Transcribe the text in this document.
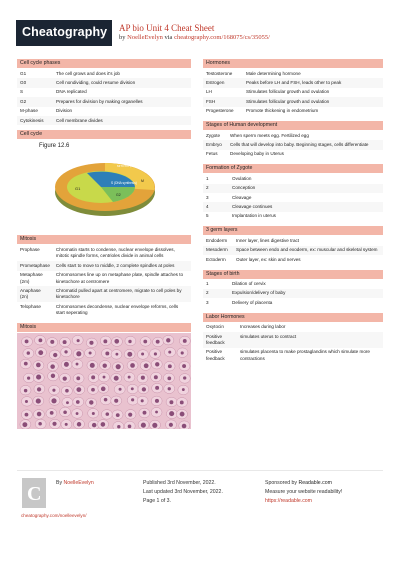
Cheatography AP bio Unit 4 Cheat Sheet
by NoelleEvelyn via cheatography.com/168075/cs/35055/
Cell cycle phases
G1	The cell grows and does it's job
G0	Cell nondividing, could resume division
S	DNA replicated
G2	Prepares for division by making organelles
M-phase	Division
Cytokinesis	Cell membrane divides
Cell cycle
Figure 12.6
G1
S (DNA synthesis)
G2
MITOTIC (M) PHASE
M
Mitosis
Prophase	Chromatin starts to condense, nuclear envelope dissolves, mitotic spindle forms, centrioles divide in animal cells
Prometaphase	Cells start to move to middle, 2 complete spindles at poles
Metaphase (2m)	Chromosomes line up on metaphase plate, spindle attaches to kinetochore at centromere
Anaphase (2n)	Chromatid pulled apart at centromere, migrate to cell poles by kinetochore
Telophase	Chromosomes decondense, nuclear envelope reforms, cells start seperating
Mitosis
Hormones
Testosterone	Male determining hormone
Estrogen	Peaks before LH and FSH, leads other to peak
LH	Stimulates follicular growth and ovulation
FSH	Stimulates follicular growth and ovulation
Progesterone	Promote thickening in endometrium
Stages of Human development
Zygote	When sperm meets egg. Fertilized egg
Embryo	Cells that will develop into baby. Beginning stages, cells differentiate
Fetus	Developing baby in Uterus
Formation of Zygote
1	Ovulation
2	Conception
3	Cleavage
4	Cleavage continues
5	Implantation in uterus
3 germ layers
Endoderm	Inner layer, lines digestive tract
Mesoderm	Space between endo and exoderm, ex: muscular and skeletal system
Ectoderm	Outer layer, ex: skin and nerves
Stages of birth
1	Dilation of cervix
2	Expulsion/delivery of baby
3	Delivery of placenta
Labor Hormones
Oxytocin	Increases during labor
Positive feedback	simulates uterus to contract
Positive feedback	simulates placenta to make prostaglandins which simulate more contractions
C	By NoelleEvelyn	Published 3rd November, 2022.
Last updated 3rd November, 2022.
Page 1 of 3.
Sponsored by Readable.com
Measure your website readability!
https://readable.com
cheatography.com/noelleevelyn/
